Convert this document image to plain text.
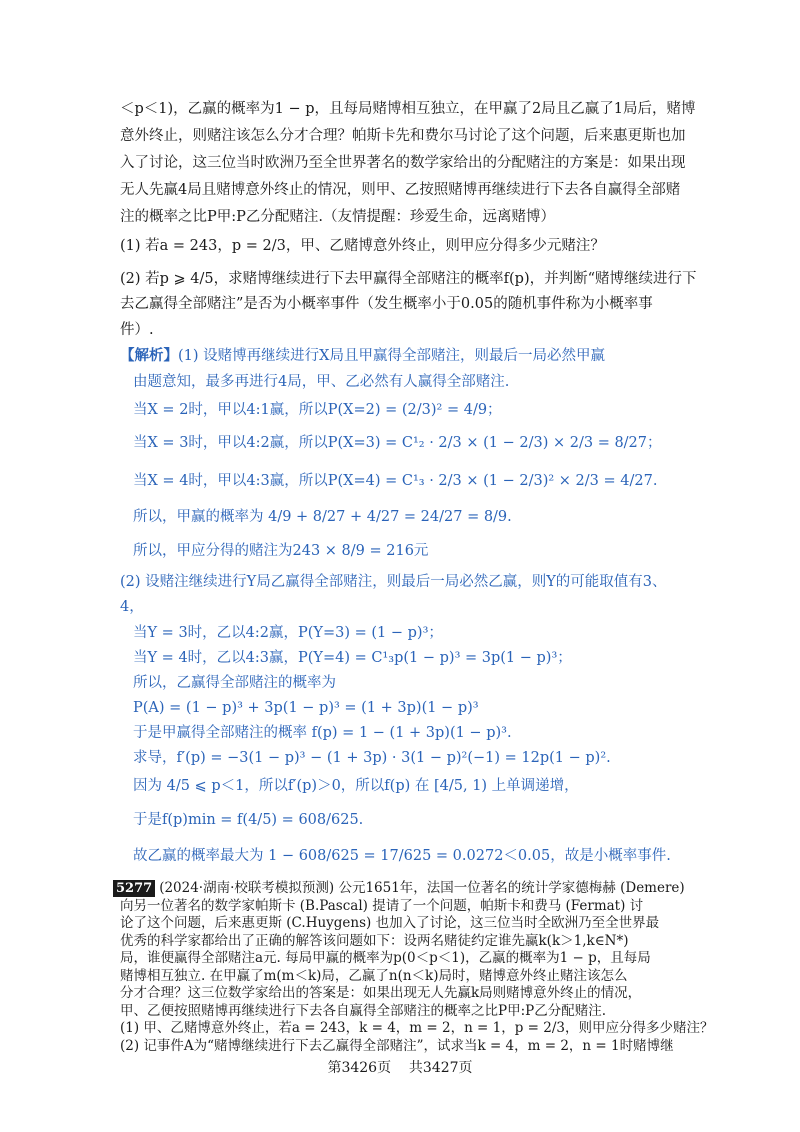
＜p＜1)，乙赢的概率为1 − p，且每局赌博相互独立，在甲赢了2局且乙赢了1局后，赌博
意外终止，则赌注该怎么分才合理？帕斯卡先和费尔马讨论了这个问题，后来惠更斯也加
入了讨论，这三位当时欧洲乃至全世界著名的数学家给出的分配赌注的方案是：如果出现
无人先赢4局且赌博意外终止的情况，则甲、乙按照赌博再继续进行下去各自赢得全部赌
注的概率之比P甲:P乙分配赌注.（友情提醒：珍爱生命，远离赌博）
(1) 若a = 243，p = 2/3，甲、乙赌博意外终止，则甲应分得多少元赌注？
(2) 若p ⩾ 4/5，求赌博继续进行下去甲赢得全部赌注的概率f(p)，并判断“赌博继续进行下
去乙赢得全部赌注”是否为小概率事件（发生概率小于0.05的随机事件称为小概率事
件）.
【解析】(1) 设赌博再继续进行X局且甲赢得全部赌注，则最后一局必然甲赢
由题意知，最多再进行4局，甲、乙必然有人赢得全部赌注.
当X = 2时，甲以4:1赢，所以P(X=2) = (2/3)² = 4/9；
当X = 3时，甲以4:2赢，所以P(X=3) = C¹₂ · 2/3 × (1 − 2/3) × 2/3 = 8/27；
当X = 4时，甲以4:3赢，所以P(X=4) = C¹₃ · 2/3 × (1 − 2/3)² × 2/3 = 4/27.
所以，甲赢的概率为 4/9 + 8/27 + 4/27 = 24/27 = 8/9.
所以，甲应分得的赌注为243 × 8/9 = 216元
(2) 设赌注继续进行Y局乙赢得全部赌注，则最后一局必然乙赢，则Y的可能取值有3、
4，
当Y = 3时，乙以4:2赢，P(Y=3) = (1 − p)³；
当Y = 4时，乙以4:3赢，P(Y=4) = C¹₃p(1 − p)³ = 3p(1 − p)³；
所以，乙赢得全部赌注的概率为
P(A) = (1 − p)³ + 3p(1 − p)³ = (1 + 3p)(1 − p)³
于是甲赢得全部赌注的概率 f(p) = 1 − (1 + 3p)(1 − p)³.
求导，f′(p) = −3(1 − p)³ − (1 + 3p) · 3(1 − p)²(−1) = 12p(1 − p)².
因为 4/5 ⩽ p＜1，所以f′(p)＞0，所以f(p) 在 [4/5, 1) 上单调递增，
于是f(p)min = f(4/5) = 608/625.
故乙赢的概率最大为 1 − 608/625 = 17/625 = 0.0272＜0.05，故是小概率事件.
5277 (2024·湖南·校联考模拟预测) 公元1651年，法国一位著名的统计学家德梅赫 (Demere)
向另一位著名的数学家帕斯卡 (B.Pascal) 提请了一个问题，帕斯卡和费马 (Fermat) 讨
论了这个问题，后来惠更斯 (C.Huygens) 也加入了讨论，这三位当时全欧洲乃至全世界最
优秀的科学家都给出了正确的解答该问题如下：设两名赌徒约定谁先赢k(k＞1,k∈N*)
局，谁便赢得全部赌注a元. 每局甲赢的概率为p(0＜p＜1)，乙赢的概率为1 − p，且每局
赌博相互独立. 在甲赢了m(m＜k)局，乙赢了n(n＜k)局时，赌博意外终止赌注该怎么
分才合理？这三位数学家给出的答案是：如果出现无人先赢k局则赌博意外终止的情况，
甲、乙便按照赌博再继续进行下去各自赢得全部赌注的概率之比P甲:P乙分配赌注.
(1) 甲、乙赌博意外终止，若a = 243，k = 4，m = 2，n = 1，p = 2/3，则甲应分得多少赌注？
(2) 记事件A为“赌博继续进行下去乙赢得全部赌注”，试求当k = 4，m = 2，n = 1时赌博继
第3426页 共3427页
